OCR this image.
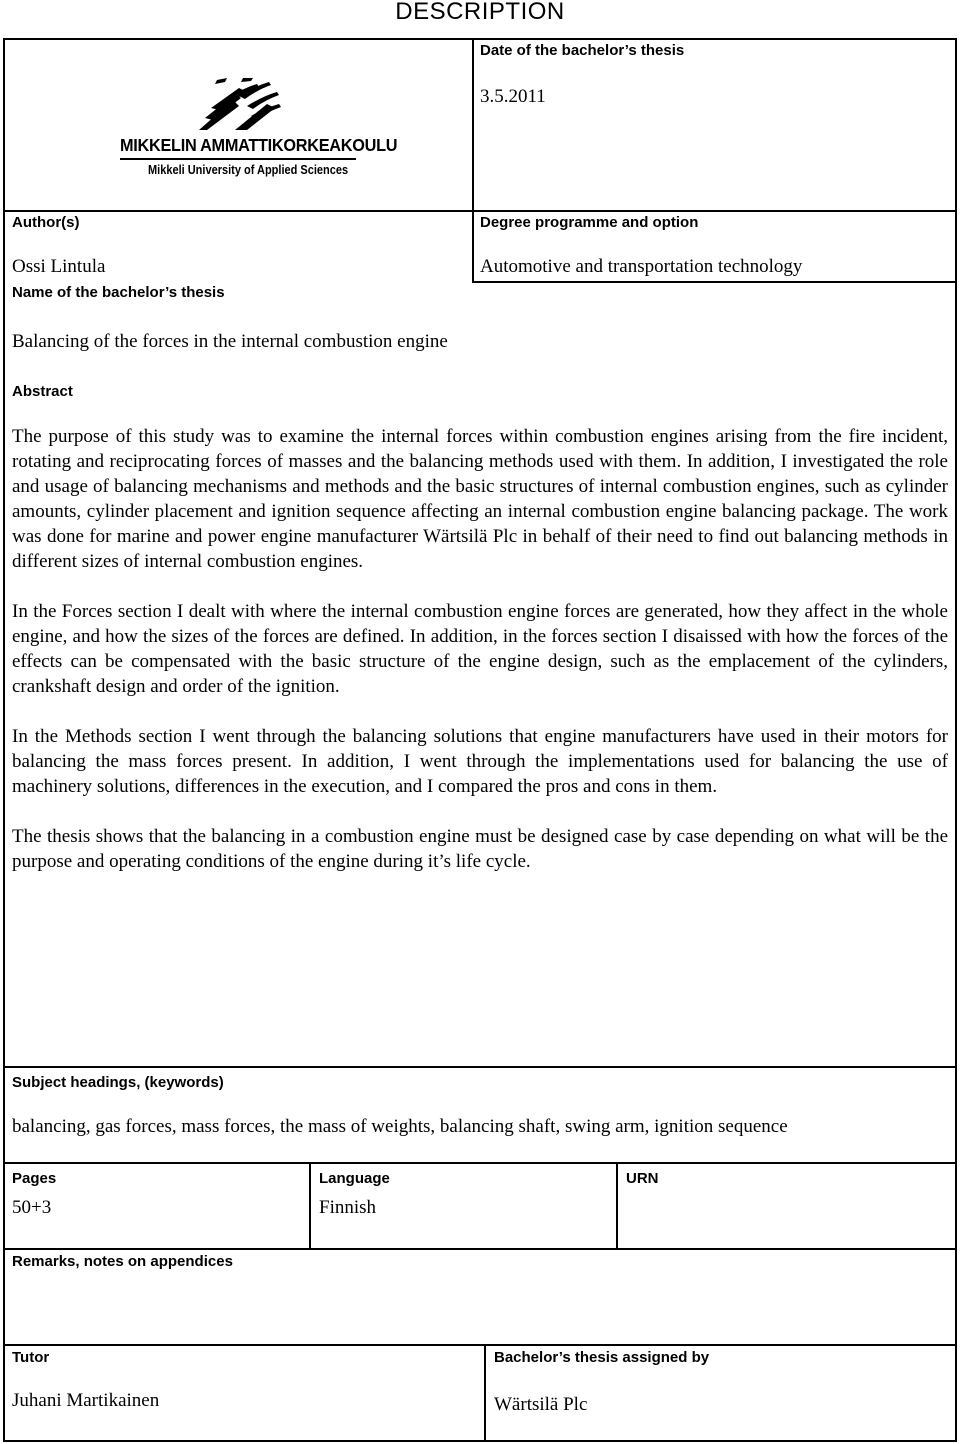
DESCRIPTION
MIKKELIN AMMATTIKORKEAKOULU
Mikkeli University of Applied Sciences
Date of the bachelor’s thesis
3.5.2011
Author(s)
Ossi Lintula
Degree programme and option
Automotive and transportation technology
Name of the bachelor’s thesis
Balancing of the forces in the internal combustion engine
Abstract

The purpose of this study was to examine the internal forces within combustion engines arising from the fire incident, rotating and reciprocating forces of masses and the balancing methods used with them. In addition, I investigated the role and usage of balancing mechanisms and methods and the basic structures of internal combustion engines, such as cylinder amounts, cylinder placement and ignition sequence affecting an internal combustion engine balancing package. The work was done for marine and power engine manufacturer Wärtsilä Plc in behalf of their need to find out balancing methods in different sizes of internal combustion engines.

In the Forces section I dealt with where the internal combustion engine forces are generated, how they affect in the whole engine, and how the sizes of the forces are defined. In addition, in the forces section I disaissed with how the forces of the effects can be compensated with the basic structure of the engine design, such as the emplacement of the cylinders, crankshaft design and order of the ignition.

In the Methods section I went through the balancing solutions that engine manufacturers have used in their motors for balancing the mass forces present. In addition, I went through the implementations used for balancing the use of machinery solutions, differences in the execution, and I compared the pros and cons in them.

The thesis shows that the balancing in a combustion engine must be designed case by case depending on what will be the purpose and operating conditions of the engine during it’s life cycle.

Subject headings, (keywords)
balancing, gas forces, mass forces, the mass of weights, balancing shaft, swing arm, ignition sequence
Pages
50+3
Language
Finnish
URN
Remarks, notes on appendices
Tutor
Juhani Martikainen
Bachelor’s thesis assigned by
Wärtsilä Plc
